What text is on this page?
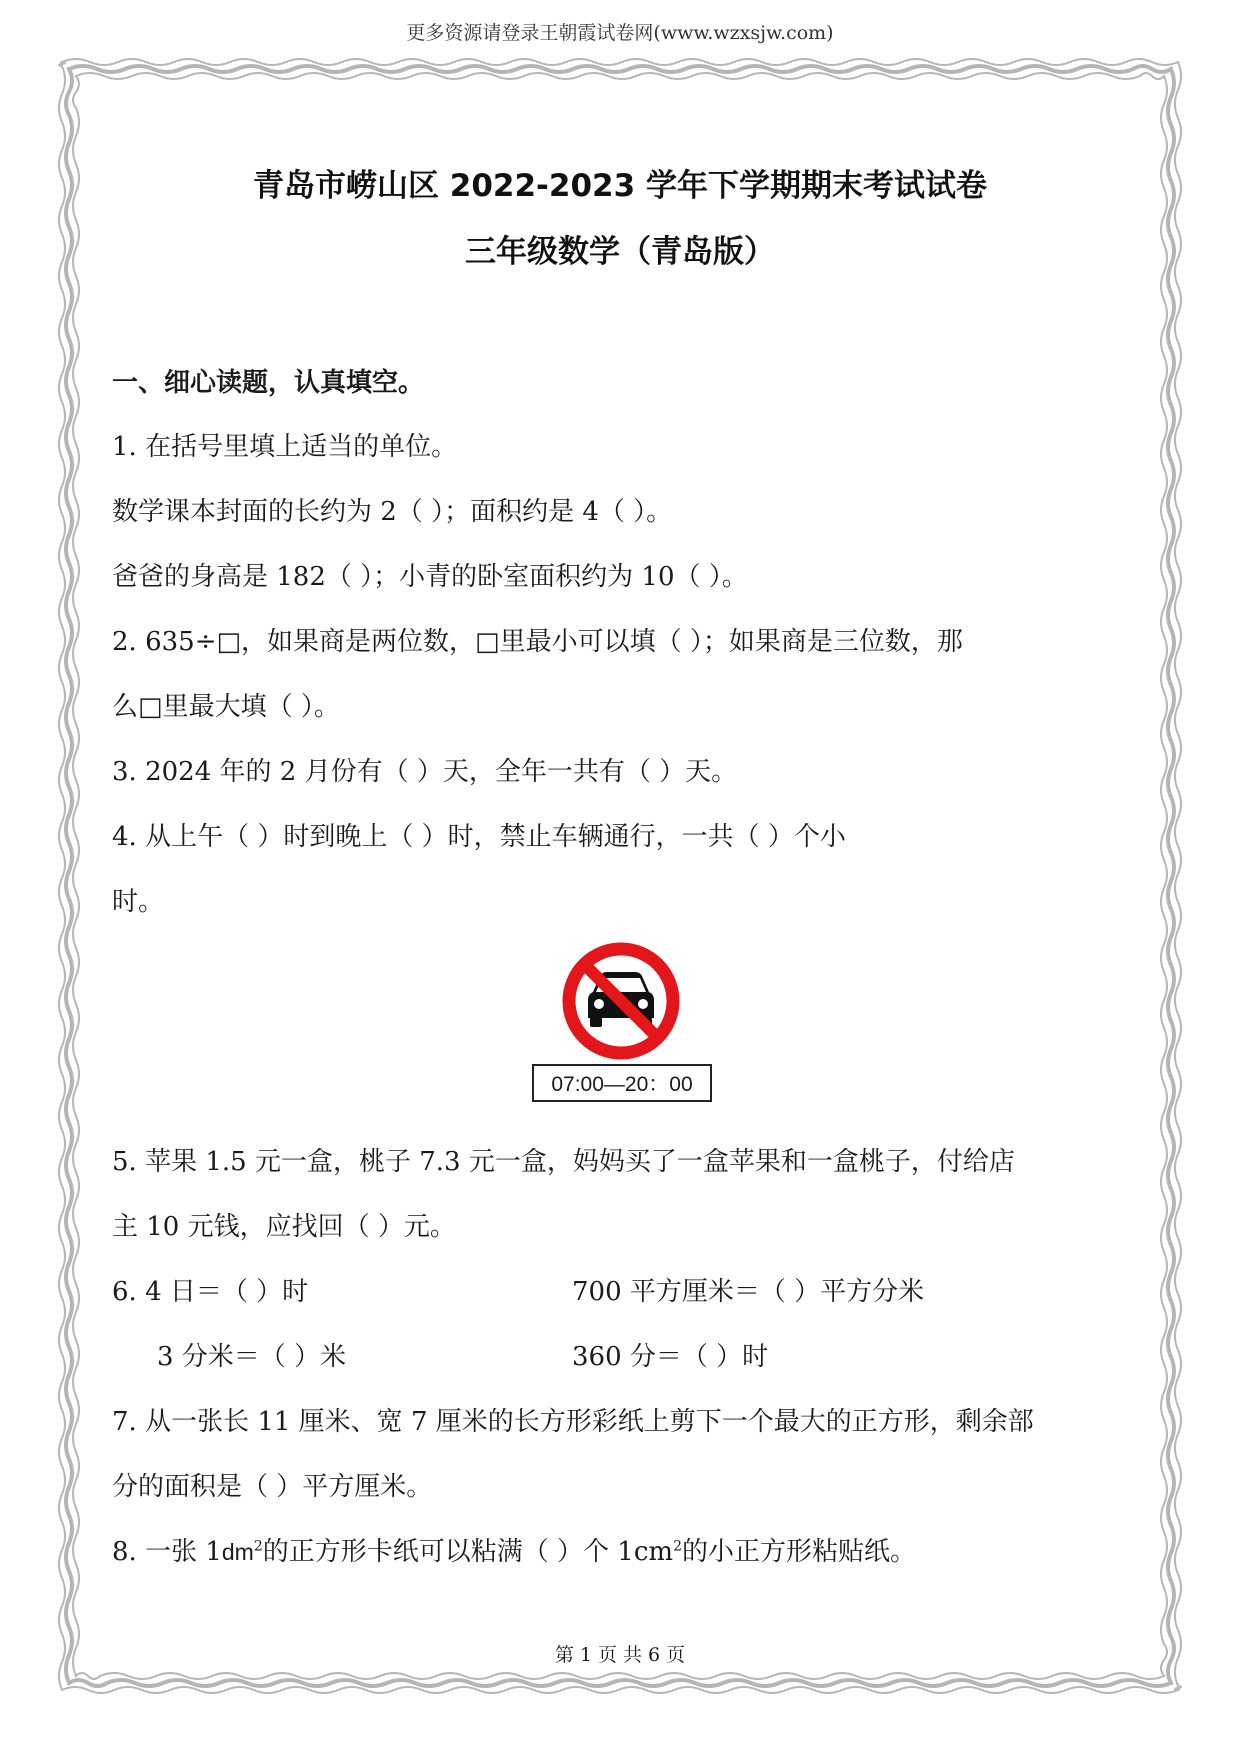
更多资源请登录王朝霞试卷网(www.wzxsjw.com)
青岛市崂山区 2022-2023 学年下学期期末考试试卷
三年级数学（青岛版）
一、细心读题，认真填空。
1. 在括号里填上适当的单位。
数学课本封面的长约为 2（ ）；面积约是 4（ ）。
爸爸的身高是 182（ ）；小青的卧室面积约为 10（ ）。
2. 635÷□，如果商是两位数，□里最小可以填（ ）；如果商是三位数，那
么□里最大填（ ）。
3. 2024 年的 2 月份有（ ）天，全年一共有（ ）天。
4. 从上午（ ）时到晚上（ ）时，禁止车辆通行，一共（ ）个小
时。
07:00—20：00
5. 苹果 1.5 元一盒，桃子 7.3 元一盒，妈妈买了一盒苹果和一盒桃子，付给店
主 10 元钱，应找回（ ）元。
6. 4 日＝（ ）时	700 平方厘米＝（ ）平方分米
3 分米＝（ ）米	360 分＝（ ）时
7. 从一张长 11 厘米、宽 7 厘米的长方形彩纸上剪下一个最大的正方形，剩余部
分的面积是（ ）平方厘米。
8. 一张 $1dm^2$的正方形卡纸可以粘满（ ）个 $1cm^2$的小正方形粘贴纸。
第 1 页 共 6 页
